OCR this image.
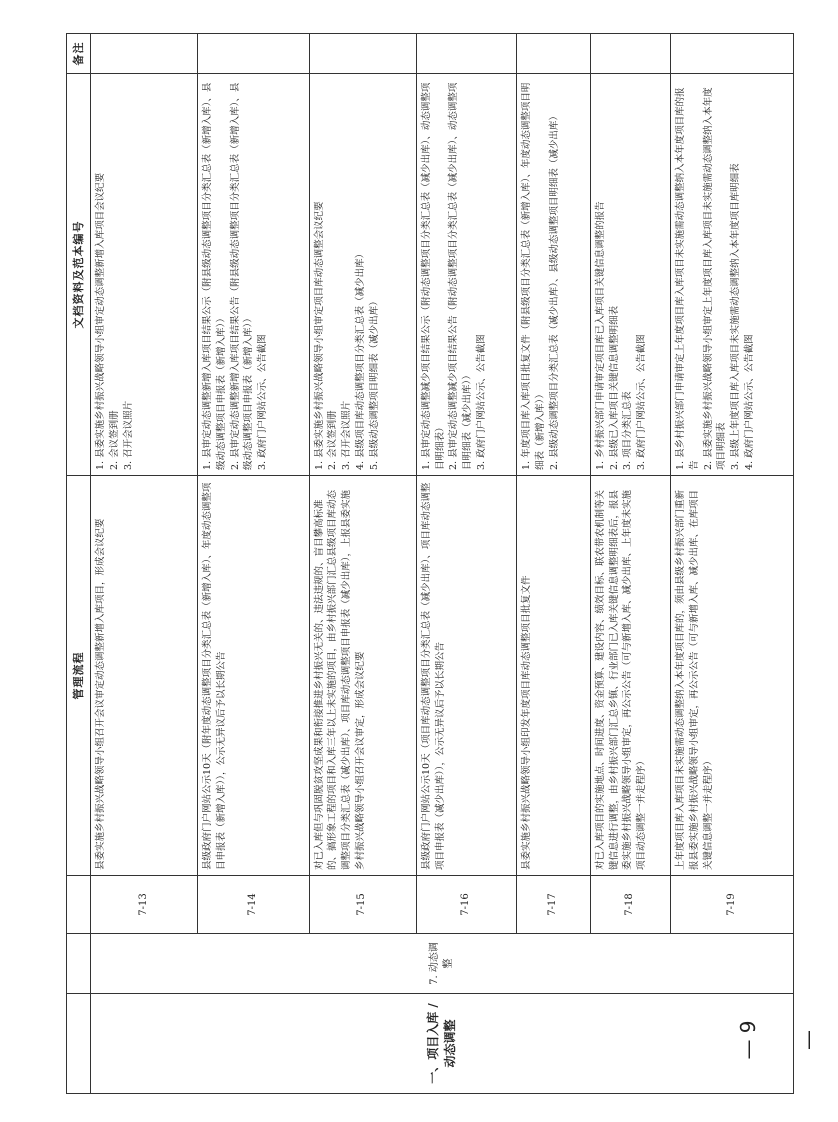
			管理流程	文档资料及范本编号	备注
一、项目入库 /动态调整	7. 动态调整	7-13	县委实施乡村振兴战略领导小组召开会议审定动态调整新增入库项目，形成会议纪要	1. 县委实施乡村振兴战略领导小组审定动态调整新增入库项目会议纪要 2. 会议签到册 3. 召开会议照片	

		7-14	县级政府门户网站公示10天（附年度动态调整项目分类汇总表（新增入库）、年度动态调整项目申报表（新增入库）），公示无异议后予以长期公告	1. 县审定动态调整新增入库项目结果公示（附县级动态调整项目分类汇总表（新增入库）、县级动态调整项目申报表（新增入库）） 2. 县审定动态调整新增入库项目结果公告（附县级动态调整项目分类汇总表（新增入库）、县级动态调整项目申报表（新增入库）） 3. 政府门户网站公示、公告截图	

		7-15	对已入库但与巩固脱贫攻坚成果和衔接推进乡村振兴无关的、违法违规的、盲目攀高标准的、搞形象工程的项目和入库三年以上未实施的项目，由乡村振兴部门汇总县级项目库动态调整项目分类汇总表（减少出库）、项目库动态调整项目申报表（减少出库），上报县委实施乡村振兴战略领导小组召开会议审定，形成会议纪要	1. 县委实施乡村振兴战略领导小组审定项目库动态调整会议纪要 2. 会议签到册 3. 召开会议照片 4. 县级项目库动态调整项目分类汇总表（减少出库） 5. 县级动态调整项目明细表（减少出库）	

		7-16	县级政府门户网站公示10天（项目库动态调整项目分类汇总表（减少出库）、项目库动态调整项目申报表（减少出库）），公示无异议后予以长期公告	1. 县审定动态调整减少项目结果公示（附动态调整项目分类汇总表（减少出库）、动态调整项目明细表） 2. 县审定动态调整减少项目结果公告（附动态调整项目分类汇总表（减少出库）、动态调整项目明细表（减少出库）） 3. 政府门户网站公示、公告截图	

		7-17	县委实施乡村振兴战略领导小组印发年度项目库动态调整项目批复文件	1. 年度项目库入库项目批复文件（附县级项目分类汇总表（新增入库）、年度动态调整项目明细表（新增入库）） 2. 县级动态调整项目分类汇总表（减少出库）、县级动态调整项目明细表（减少出库）	

		7-18	对已入库项目的实施地点、时间进度、资金预算、建设内容、绩效目标、联农带农机制等关键信息进行调整，由乡村振兴部门汇总乡镇、行业部门已入库关键信息调整明细表后，报县委实施乡村振兴战略领导小组审定，再公示公告（可与新增入库、减少出库、上年度未实施项目动态调整一并走程序）	1. 乡村振兴部门申请审定项目库已入库项目关键信息调整的报告 2. 县级已入库项目关键信息调整明细表 3. 项目分类汇总表 3. 政府门户网站公示、公告截图	

		7-19	上年度项目库入库项目未实施需动态调整纳入本年度项目库的，须由县级乡村振兴部门重新报县委实施乡村振兴战略领导小组审定，再公示公告（可与新增入库、减少出库、在库项目关键信息调整一并走程序）	1. 县乡村振兴部门申请审定上年度项目库入库项目未实施需动态调整纳入本年度项目库的报告 2. 县委实施乡村振兴战略领导小组审定上年度项目库入库项目未实施需动态调整纳入本年度项目明细表 3. 县级上年度项目库入库项目未实施需动态调整纳入本年度项目库明细表 4. 政府门户网站公示、公告截图	

— 9 —
